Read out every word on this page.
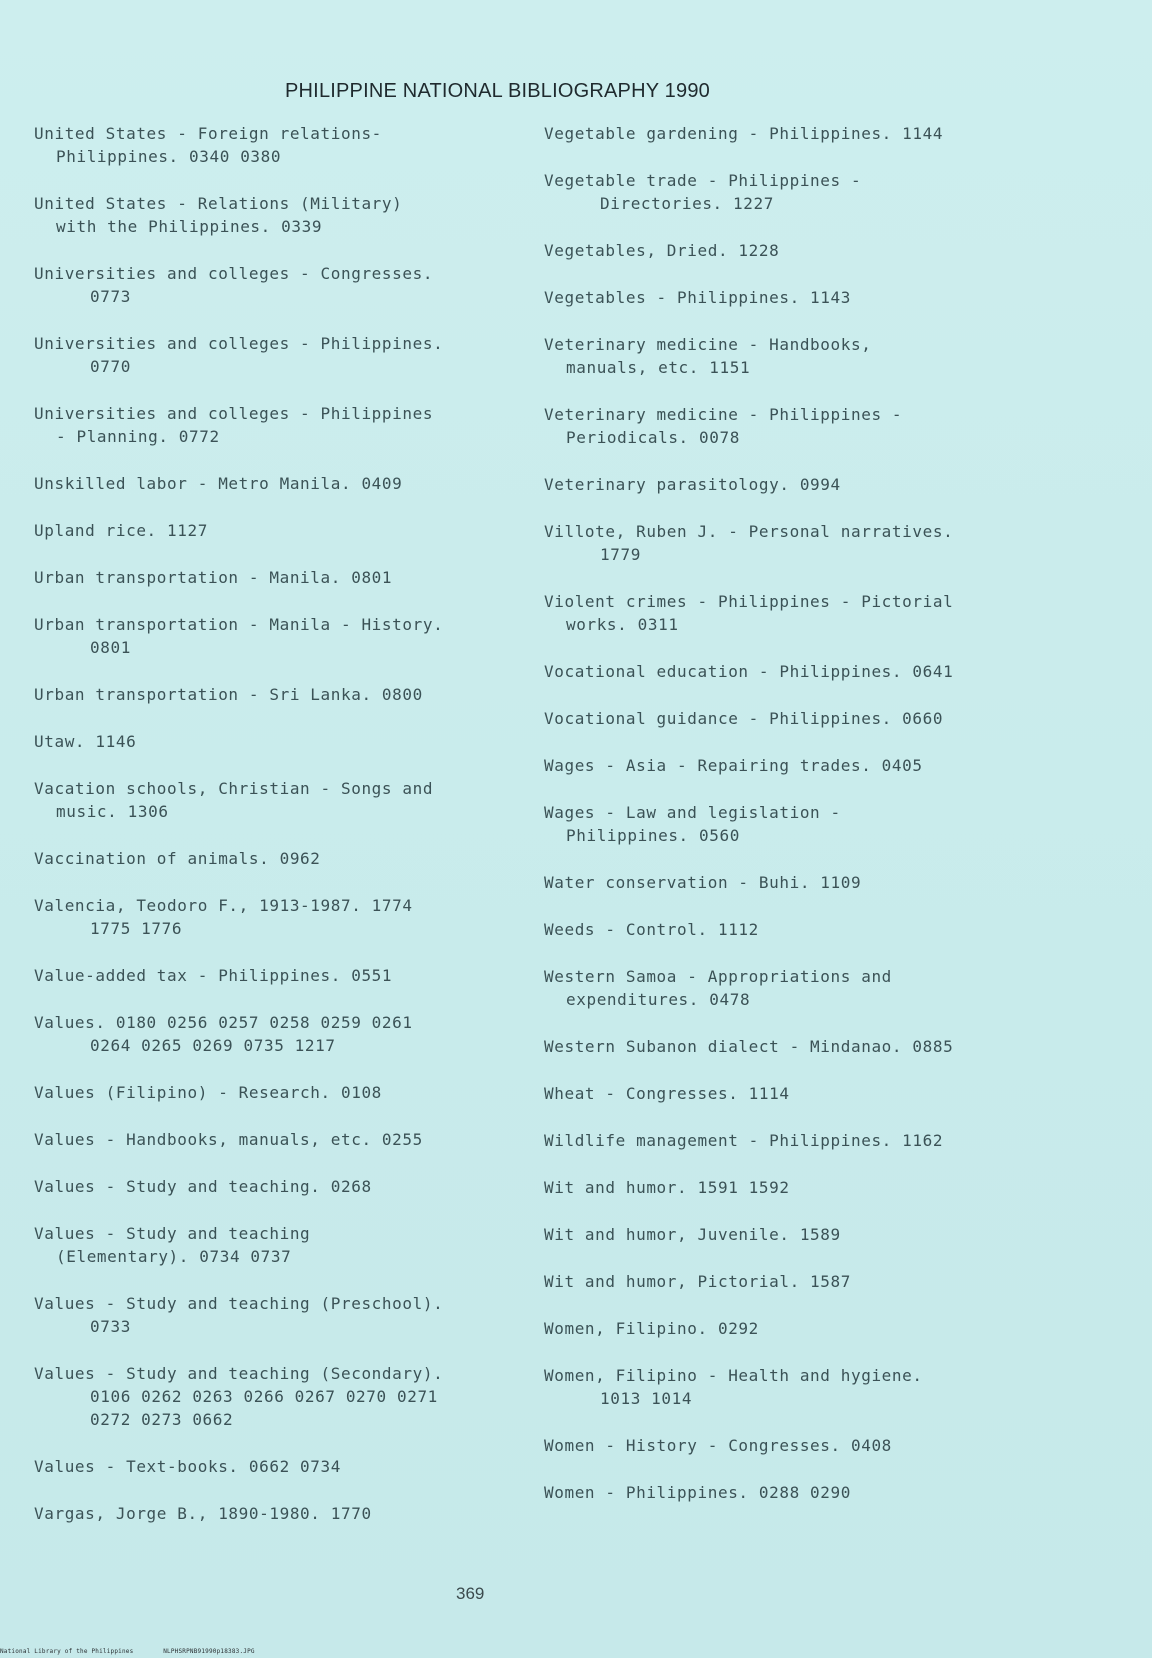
PHILIPPINE NATIONAL BIBLIOGRAPHY 1990
United States - Foreign relations-
Philippines. 0340 0380
United States - Relations (Military)
with the Philippines. 0339
Universities and colleges - Congresses.
0773
Universities and colleges - Philippines.
0770
Universities and colleges - Philippines
- Planning. 0772
Unskilled labor - Metro Manila. 0409
Upland rice. 1127
Urban transportation - Manila. 0801
Urban transportation - Manila - History.
0801
Urban transportation - Sri Lanka. 0800
Utaw. 1146
Vacation schools, Christian - Songs and
music. 1306
Vaccination of animals. 0962
Valencia, Teodoro F., 1913-1987. 1774
1775 1776
Value-added tax - Philippines. 0551
Values. 0180 0256 0257 0258 0259 0261
0264 0265 0269 0735 1217
Values (Filipino) - Research. 0108
Values - Handbooks, manuals, etc. 0255
Values - Study and teaching. 0268
Values - Study and teaching
(Elementary). 0734 0737
Values - Study and teaching (Preschool).
0733
Values - Study and teaching (Secondary).
0106 0262 0263 0266 0267 0270 0271
0272 0273 0662
Values - Text-books. 0662 0734
Vargas, Jorge B., 1890-1980. 1770
Vegetable gardening - Philippines. 1144
Vegetable trade - Philippines -
Directories. 1227
Vegetables, Dried. 1228
Vegetables - Philippines. 1143
Veterinary medicine - Handbooks,
manuals, etc. 1151
Veterinary medicine - Philippines -
Periodicals. 0078
Veterinary parasitology. 0994
Villote, Ruben J. - Personal narratives.
1779
Violent crimes - Philippines - Pictorial
works. 0311
Vocational education - Philippines. 0641
Vocational guidance - Philippines. 0660
Wages - Asia - Repairing trades. 0405
Wages - Law and legislation -
Philippines. 0560
Water conservation - Buhi. 1109
Weeds - Control. 1112
Western Samoa - Appropriations and
expenditures. 0478
Western Subanon dialect - Mindanao. 0885
Wheat - Congresses. 1114
Wildlife management - Philippines. 1162
Wit and humor. 1591 1592
Wit and humor, Juvenile. 1589
Wit and humor, Pictorial. 1587
Women, Filipino. 0292
Women, Filipino - Health and hygiene.
1013 1014
Women - History - Congresses. 0408
Women - Philippines. 0288 0290
369
National Library of the Philippines	NLPHSRPNB91990p18383.JPG
